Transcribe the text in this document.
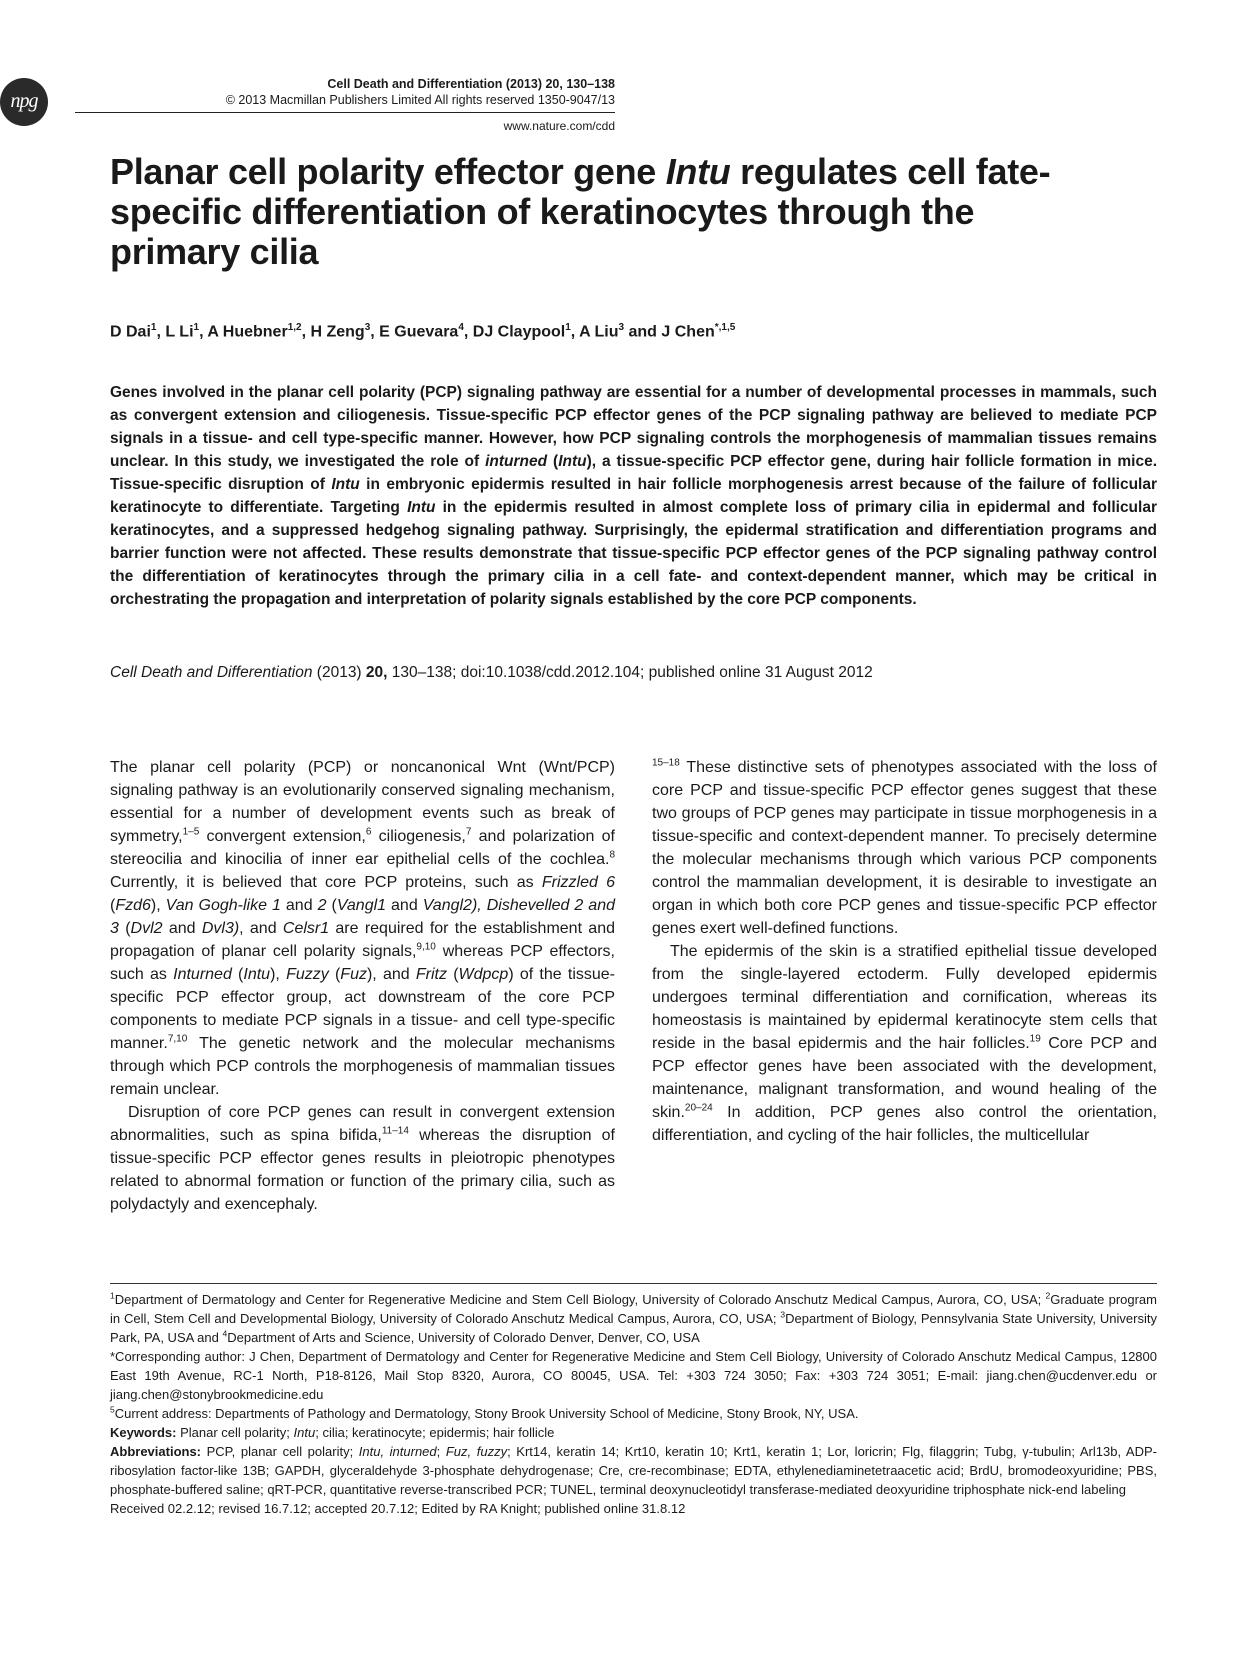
npg
Cell Death and Differentiation (2013) 20, 130–138
© 2013 Macmillan Publishers Limited All rights reserved 1350-9047/13
www.nature.com/cdd
Planar cell polarity effector gene Intu regulates cell fate-specific differentiation of keratinocytes through the primary cilia
D Dai$^1$, L Li$^1$, A Huebner$^{1,2}$, H Zeng$^3$, E Guevara$^4$, DJ Claypool$^1$, A Liu$^3$ and J Chen$^{*,1,5}$
Genes involved in the planar cell polarity (PCP) signaling pathway are essential for a number of developmental processes in mammals, such as convergent extension and ciliogenesis. Tissue-specific PCP effector genes of the PCP signaling pathway are believed to mediate PCP signals in a tissue- and cell type-specific manner. However, how PCP signaling controls the morphogenesis of mammalian tissues remains unclear. In this study, we investigated the role of inturned (Intu), a tissue-specific PCP effector gene, during hair follicle formation in mice. Tissue-specific disruption of Intu in embryonic epidermis resulted in hair follicle morphogenesis arrest because of the failure of follicular keratinocyte to differentiate. Targeting Intu in the epidermis resulted in almost complete loss of primary cilia in epidermal and follicular keratinocytes, and a suppressed hedgehog signaling pathway. Surprisingly, the epidermal stratification and differentiation programs and barrier function were not affected. These results demonstrate that tissue-specific PCP effector genes of the PCP signaling pathway control the differentiation of keratinocytes through the primary cilia in a cell fate- and context-dependent manner, which may be critical in orchestrating the propagation and interpretation of polarity signals established by the core PCP components.
Cell Death and Differentiation (2013) 20, 130–138; doi:10.1038/cdd.2012.104; published online 31 August 2012

The planar cell polarity (PCP) or noncanonical Wnt (Wnt/PCP) signaling pathway is an evolutionarily conserved signaling mechanism, essential for a number of development events such as break of symmetry,$^{1-5}$ convergent extension,$^6$ ciliogenesis,$^7$ and polarization of stereocilia and kinocilia of inner ear epithelial cells of the cochlea.$^8$ Currently, it is believed that core PCP proteins, such as Frizzled 6 (Fzd6), Van Gogh-like 1 and 2 (Vangl1 and Vangl2), Dishevelled 2 and 3 (Dvl2 and Dvl3), and Celsr1 are required for the establishment and propagation of planar cell polarity signals,$^{9,10}$ whereas PCP effectors, such as Inturned (Intu), Fuzzy (Fuz), and Fritz (Wdpcp) of the tissue-specific PCP effector group, act downstream of the core PCP components to mediate PCP signals in a tissue- and cell type-specific manner.$^{7,10}$ The genetic network and the molecular mechanisms through which PCP controls the morphogenesis of mammalian tissues remain unclear.

Disruption of core PCP genes can result in convergent extension abnormalities, such as spina bifida,$^{11-14}$ whereas the disruption of tissue-specific PCP effector genes results in pleiotropic phenotypes related to abnormal formation or function of the primary cilia, such as polydactyly and exencephaly.

$^{15-18}$ These distinctive sets of phenotypes associated with the loss of core PCP and tissue-specific PCP effector genes suggest that these two groups of PCP genes may participate in tissue morphogenesis in a tissue-specific and context-dependent manner. To precisely determine the molecular mechanisms through which various PCP components control the mammalian development, it is desirable to investigate an organ in which both core PCP genes and tissue-specific PCP effector genes exert well-defined functions.

The epidermis of the skin is a stratified epithelial tissue developed from the single-layered ectoderm. Fully developed epidermis undergoes terminal differentiation and cornification, whereas its homeostasis is maintained by epidermal keratinocyte stem cells that reside in the basal epidermis and the hair follicles.$^{19}$ Core PCP and PCP effector genes have been associated with the development, maintenance, malignant transformation, and wound healing of the skin.$^{20-24}$ In addition, PCP genes also control the orientation, differentiation, and cycling of the hair follicles, the multicellular

$^1$Department of Dermatology and Center for Regenerative Medicine and Stem Cell Biology, University of Colorado Anschutz Medical Campus, Aurora, CO, USA; $^2$Graduate program in Cell, Stem Cell and Developmental Biology, University of Colorado Anschutz Medical Campus, Aurora, CO, USA; $^3$Department of Biology, Pennsylvania State University, University Park, PA, USA and $^4$Department of Arts and Science, University of Colorado Denver, Denver, CO, USA

*Corresponding author: J Chen, Department of Dermatology and Center for Regenerative Medicine and Stem Cell Biology, University of Colorado Anschutz Medical Campus, 12800 East 19th Avenue, RC-1 North, P18-8126, Mail Stop 8320, Aurora, CO 80045, USA. Tel: +303 724 3050; Fax: +303 724 3051; E-mail: jiang.chen@ucdenver.edu or jiang.chen@stonybrookmedicine.edu

$^5$Current address: Departments of Pathology and Dermatology, Stony Brook University School of Medicine, Stony Brook, NY, USA.

Keywords: Planar cell polarity; Intu; cilia; keratinocyte; epidermis; hair follicle

Abbreviations: PCP, planar cell polarity; Intu, inturned; Fuz, fuzzy; Krt14, keratin 14; Krt10, keratin 10; Krt1, keratin 1; Lor, loricrin; Flg, filaggrin; Tubg, γ-tubulin; Arl13b, ADP-ribosylation factor-like 13B; GAPDH, glyceraldehyde 3-phosphate dehydrogenase; Cre, cre-recombinase; EDTA, ethylenediaminetetraacetic acid; BrdU, bromodeoxyuridine; PBS, phosphate-buffered saline; qRT-PCR, quantitative reverse-transcribed PCR; TUNEL, terminal deoxynucleotidyl transferase-mediated deoxyuridine triphosphate nick-end labeling

Received 02.2.12; revised 16.7.12; accepted 20.7.12; Edited by RA Knight; published online 31.8.12
